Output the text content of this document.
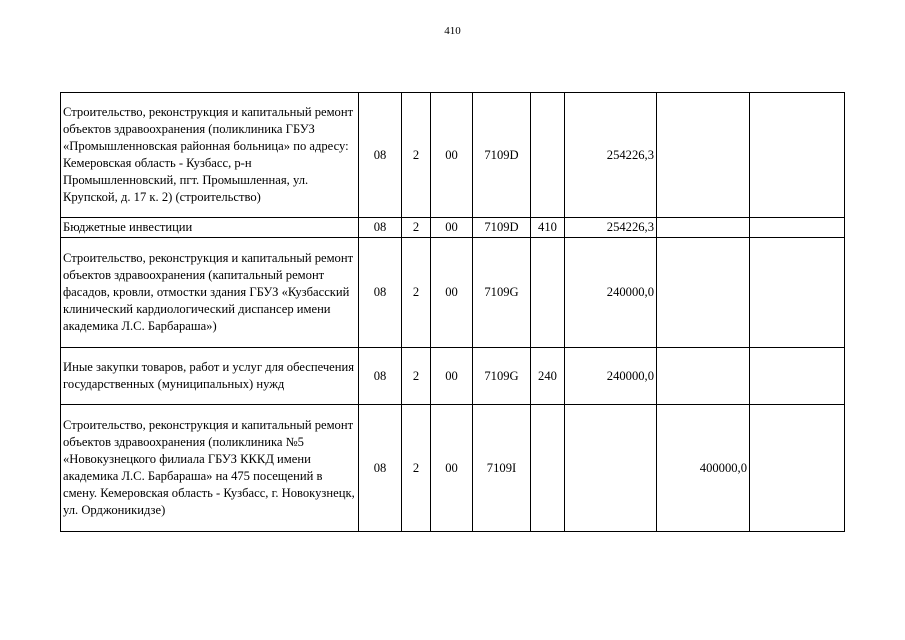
410
Строительство, реконструкция и капитальный ремонт объектов здравоохранения (поликлиника ГБУЗ «Промышленновская районная больница» по адресу: Кемеровская область - Кузбасс, р-н Промышленновский, пгт. Промышленная, ул. Крупской, д. 17 к. 2) (строительство)	08	2	00	7109D		254226,3		
Бюджетные инвестиции	08	2	00	7109D	410	254226,3		
Строительство, реконструкция и капитальный ремонт объектов здравоохранения (капитальный ремонт фасадов, кровли, отмостки здания ГБУЗ «Кузбасский клинический кардиологический диспансер имени академика Л.С. Барбараша»)	08	2	00	7109G		240000,0		
Иные закупки товаров, работ и услуг для обеспечения государственных (муниципальных) нужд	08	2	00	7109G	240	240000,0		
Строительство, реконструкция и капитальный ремонт объектов здравоохранения (поликлиника №5 «Новокузнецкого филиала ГБУЗ КККД имени академика Л.С. Барбараша» на 475 посещений в смену. Кемеровская область - Кузбасс, г. Новокузнецк, ул. Орджоникидзе)	08	2	00	7109I			400000,0	
